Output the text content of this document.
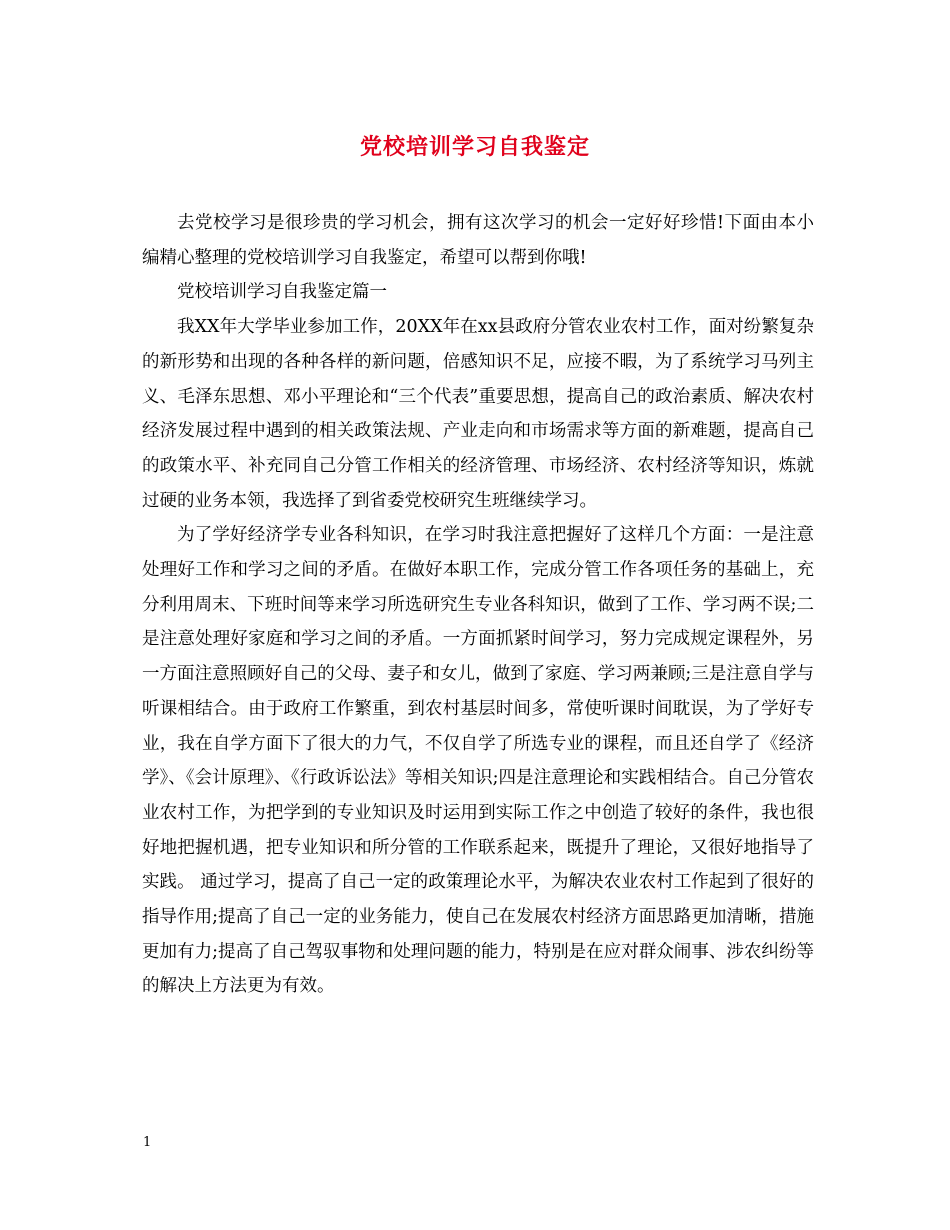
党校培训学习自我鉴定

去党校学习是很珍贵的学习机会，拥有这次学习的机会一定好好珍惜!下面由本小编精心整理的党校培训学习自我鉴定，希望可以帮到你哦!

党校培训学习自我鉴定篇一

我XX年大学毕业参加工作，20XX年在xx县政府分管农业农村工作，面对纷繁复杂的新形势和出现的各种各样的新问题，倍感知识不足，应接不暇，为了系统学习马列主义、毛泽东思想、邓小平理论和“三个代表”重要思想，提高自己的政治素质、解决农村经济发展过程中遇到的相关政策法规、产业走向和市场需求等方面的新难题，提高自己的政策水平、补充同自己分管工作相关的经济管理、市场经济、农村经济等知识，炼就过硬的业务本领，我选择了到省委党校研究生班继续学习。

为了学好经济学专业各科知识，在学习时我注意把握好了这样几个方面：一是注意处理好工作和学习之间的矛盾。在做好本职工作，完成分管工作各项任务的基础上，充分利用周末、下班时间等来学习所选研究生专业各科知识，做到了工作、学习两不误;二是注意处理好家庭和学习之间的矛盾。一方面抓紧时间学习，努力完成规定课程外，另一方面注意照顾好自己的父母、妻子和女儿，做到了家庭、学习两兼顾;三是注意自学与听课相结合。由于政府工作繁重，到农村基层时间多，常使听课时间耽误，为了学好专业，我在自学方面下了很大的力气，不仅自学了所选专业的课程，而且还自学了《经济学》、《会计原理》、《行政诉讼法》等相关知识;四是注意理论和实践相结合。自己分管农业农村工作，为把学到的专业知识及时运用到实际工作之中创造了较好的条件，我也很好地把握机遇，把专业知识和所分管的工作联系起来，既提升了理论，又很好地指导了实践。 通过学习，提高了自己一定的政策理论水平，为解决农业农村工作起到了很好的指导作用;提高了自己一定的业务能力，使自己在发展农村经济方面思路更加清晰，措施更加有力;提高了自己驾驭事物和处理问题的能力，特别是在应对群众闹事、涉农纠纷等的解决上方法更为有效。

1
